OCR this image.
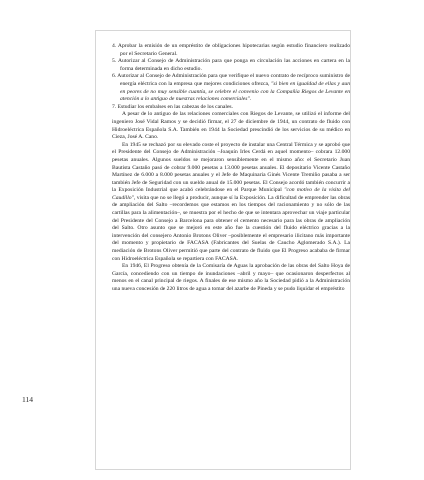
114

4. Aprobar la emisión de un empréstito de obligaciones hipotecarias según estudio financiero realizado por el Secretario General.

5. Autorizar al Consejo de Administración para que ponga en circulación las acciones en cartera en la forma determinada en dicho estudio.

6. Autorizar al Consejo de Administración para que verifique el nuevo contrato de recíproco suministro de energía eléctrica con la empresa que mejores condiciones ofrezca, "si bien en igualdad de ellas y aun en peores de no muy sensible cuantía, se celebre el convenio con la Compañía Riegos de Levante en atención a lo antiguo de nuestras relaciones comerciales".

7. Estudiar los embalses en las cabezas de los canales.

A pesar de lo antiguo de las relaciones comerciales con Riegos de Levante, se utilizó el informe del ingeniero José Vidal Ramos y se decidió firmar, el 27 de diciembre de 1944, un contrato de fluido con Hidroeléctrica Española S.A. También en 1944 la Sociedad prescindió de los servicios de su médico en Cieza, José A. Cano.

En 1945 se rechazó por su elevado coste el proyecto de instalar una Central Térmica y se aprobó que el Presidente del Consejo de Administración –Joaquín Irles Cerdá en aquel momento– cobrara 12.000 pesetas anuales. Algunos sueldos se mejoraron sensiblemente en el mismo año: el Secretario Juan Bautista Castaño pasó de cobrar 9.000 pesetas a 13.000 pesetas anuales. El depositario Vicente Castaño Martínez de 6.000 a 8.000 pesetas anuales y el Jefe de Maquinaria Ginés Vicente Tremiño pasaba a ser también Jefe de Seguridad con un sueldo anual de 15.000 pesetas. El Consejo acordó también concurrir a la Exposición Industrial que acabó celebrándose en el Parque Municipal "con motivo de la visita del Caudillo", visita que no se llegó a producir, aunque sí la Exposición. La dificultad de emprender las obras de ampliación del Salto –recordemos que estamos en los tiempos del racionamiento y no sólo de las cartillas para la alimentación–, se muestra por el hecho de que se intentara aprovechar un viaje particular del Presidente del Consejo a Barcelona para obtener el cemento necesario para las obras de ampliación del Salto. Otro asunto que se mejoró en este año fue la cuestión del fluido eléctrico gracias a la intervención del consejero Antonio Brotons Oliver –posiblemente el empresario ilicitano más importante del momento y propietario de FACASA (Fabricantes del Suelas de Caucho Aglomerado S.A.). La mediación de Brotons Oliver permitió que parte del contrato de fluido que El Progreso acababa de firmar con Hidroeléctrica Española se repartiera con FACASA.

En 1946, El Progreso obtenía de la Comisaría de Aguas la aprobación de las obras del Salto Hoya de García, concediendo con un tiempo de inundaciones –abril y mayo– que ocasionaron desperfectos al menos en el canal principal de riegos. A finales de ese mismo año la Sociedad pidió a la Administración una nueva concesión de 220 litros de agua a tomar del azarbe de Pineda y se pudo liquidar el empréstito
